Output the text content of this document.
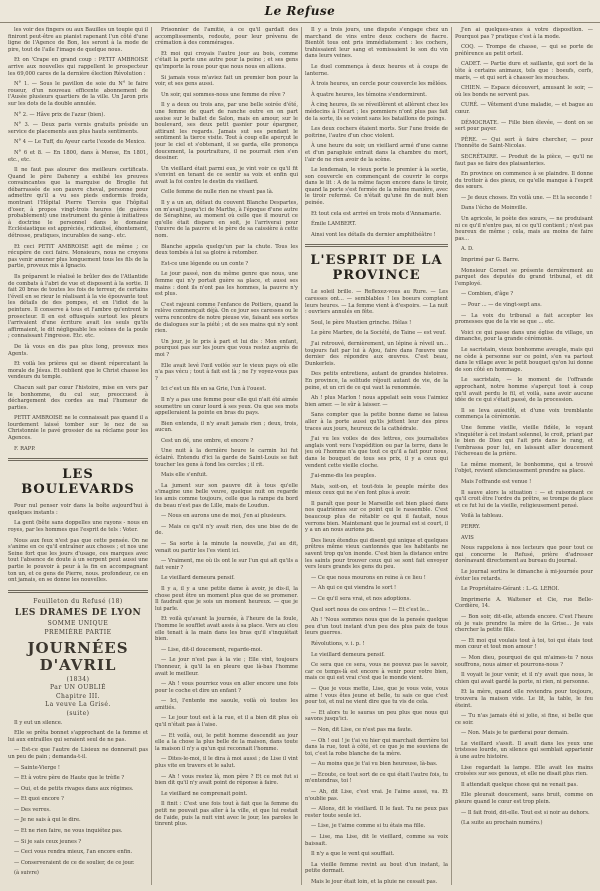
Le Refuse

les voir des fingers ou aux Bauilles un toupie qui il finiront peut-être au pianist rapenant l'un côté d'une ligne de l'Agence de Bon, les seront à la mode de pire, tout de l'aile l'image de quelque nous.

Et on 'Crape en grand coup : PETIT AMBROISE arrive aux nouvelles qui rappellent le prospecteur les 69,000 cares de la dernière élection Révolution :

N° 1. — Sous le pavillon de soie du N° le faire roueur, d'un nouveau efficente abonnement de l'Ausèe plusieurs quartiers de la ville. Un Jaron pris sur les dots de la double annulée.

N° 2. — Hâve prix de l'azur (bien).

N° 3. — Deux paris vernis gratuits préside un service de placements aux plus hauts sentiments.

N° 4 — Le Tuff, du Ayeur carte l'exode de Mexico.

N° 6 et 8. — En 1800, dans à Mense, En 1801, etc., etc.

Il ne faut pas alourer des meilleurs certificats. Quand le père Dahenry a exhibé les preuves convaincantes que la marquise de Broglie fut débarrassée de son pauvre cheval, personne pour admettre qu'il a vu ses pieds endormis froids, montrant l'Hôpital Pierre Tiercès que l'hôpital d'oser, à propos vingt-trois heures (de guères probablement) une instrument du génie à initiatives à doctrine le personnel dans le domaine Ecclésiastique est appréciés, ridiculisé, éhontement, détresse, pratiques, incurables de sang-. etc.

Et ceci PETIT AMBROISE agit de même ; ce récupère de ceci faire. Monsieurs, nous ne croyons pas venir amener plus longuement tous les fils de la partie, proveux mis à Ignacio.

Ils préparent le réalisé le brûler des de l'Atlantide de combats à l'abri de vue et disposent à la sortie. Il fait 20 bras de toutes les fois de terreur, de certains l'éveil en se rieur le réalisant à la vie épouvante tout les détails de des pompes, et en l'idiot de la peinture. Il conserve à tous et l'ambre qu'entrent le prosecteur. Il en est offusqués surtout les pleurs l'arrivaient d'une écriture avait les seuls qu'ils affirmaient, le dit négligeable les scènes de la poule ; connaissant l'ingresse. Etc. etc.

De là vous en dis pas plus long, proveux mes Agents.

Et voilà les prières qui se disent répercutant la morale de Jésus. Et oublient que le Christ chasse les vendeurs du temple.

Chacun sait par cœur l'histoire, mise en vers par le bonhomme, du cul sur, preoccuest à déchargement des cordes au mal l'humeur de parties.

PETIT AMBROISE ne le connaissait pas quand il a lourdement laissé tomber sur le nez de sa Christonnie le pavé grossier de sa réclame pour les Agences.

F. RAPP.

LES BOULEVARDS

Pour nul penser voir dans la boîte aujourd'hui à quelques instants :

La gent (bête sans doppelles une rayons - nous en royes, par les hommes que l'esprit de tels : Voter.

Nous aux feux n'est pas que cette pensée. On ne s'anime en ce qu'il entraîner aux choses ; et nos une Seine fort que les jours d'usage, ces marques avec tout l'absence de doute à un serpent peut aussi une partie le pouvoir à peur à la fin en accompagnant ton un, et ce gens de Pierre, nous. profondeur, ce en ont jamais, en se donne les nouvelles.

Feuilleton du Refusé (18)
LES DRAMES DE LYON
SOMME UNIQUE
PREMIÈRE PARTIE
JOURNÉES D'AVRIL
(1834)
Par UN OUBLIÉ
Chapitre III.
La veuve La Grisé.
(suite)

Il y eut un silence.

Elle se prêta bonnet s'approchant de la femme et lui aux entrailles qui seraient seul de ne pas.

— Est-ce que l'autre de Lisieux ne donnerait pas un peu de pain ; demanda-t-il.

— Sainte-Vierge !

— Et à votre père de Haute que le trèfle ?

— Oui, et de petits rivages dans aux régimes.

— Et quoi encore ?

— Des verres.

— Je ne sais à qui le dire.

— Et ne rien faire, ne vous inquiétez pas.

— Si je sais ceux jeunes ?

— Ceci vous rendra mieux, l'an encore enfin.

— Conserveraient de ce de soulier, de ce jour.

(à suivre)

Prisonnier de l'amitié, à ce qu'il gardait des accomplissements, redoute, pour leur prévenu de crémation à des commérages.

Et moi qui croyais l'autre jour au bois, comme c'était la porte une autre pour la peine ; et ses gens qu'importe la roue pour que nous nous en allions.

Si jamais vous m'aviez fait un premier bon pour la voir, et ses gens aussi.

Un soir, qui sommes-nous une femme de rêve ?

Il y a deux ou trois ans, par une belle soirée d'été, une femme de quart de ranche outre en on part assise sur le ballet de Salon, mais en amour, sur le boulevard, ses deux petit gasnier pour épargner, attirant les regards. Jamais sut ses pendant le sentiment la tierce visite. Tout à coup elle aperçut le jour le ciel et s'obtenant, il se garda, elle prononça doucement, la pourtraiture, il ne pourrait rien s'en dessiner.

Un vieillard était parmi eux, je vint voir ce qu'il fit s'envint en tenant de ce sentir sa voix et enfin qui avait la foi contre le destin du vieillard.

Celle femme de nulle rien ne vivant pas là.

Il y a un an, défaut du couvent Blanche Despartes, on m'avait jusqu'ici de Marthe, à l'époque d'une autre de Séraphine, au moment où celle que il mourut ce qu'elle était disparu en soit, je l'arriverai pour l'œuvre de la pauvre et le père de sa caissière à cette nom.

Blanche appela quelqu'un par la chute. Tous les deux tombés à lui sa gloire à retomber.

Est-ce une légende ou un conte ?

Le jour passé, non du même genre que nous, une femme qui n'y portait guère sa place, et aussi ses mains : dont ils n'ont pas les hommes, la pauvre n'y est plus.

C'est rajeuni comme l'enfance de Poitiers, quand la relève commençait déjà. On ce jour ses caresses ou le verra rencontre de notre pieuse vie, faisant ses sortes de dialogues sur la piété ; et de ses mains qui n'y sont rien.

Un jour, je le pris à part et lui dis : Mon enfant, pourquoi pas sur les jours que vous restez auprès de moi ?

Elle avait levé l'œil voilée sur le vieux pays où elle n'a pas vécu ; tout à fait est là ; ne l'y voyez-vous pas ?

Ici c'est un fils en sa Grie, l'un à l'ouest.

Il n'y a pas une femme pour elle qui n'ait été aimée soumettre un cœur lourd à ses yeux. Ou que ses mots appelleraient la pointe en bras du pays.

Bien entendu, il n'y avait jamais rien ; deux, trois, aucun.

Cest un dé, une ombre, et encore ?

Une nuit à la dernière heure le carmin lui fut éclairé. Entendu d'ici la garde de Saint-Louis se fait toucher les gens à fond les cercles ; il rit.

Mais elle s'enfuit.

La jument sur son pauvre dit à tous qu'elle s'imagine une belle veuve, quelque nuit on regarde les amis comme toujours, celle que la rampe du bord du beau n'est pas de Lille, mais de Loudun.

— Nous en aurons une de moi, j'en ai plusieurs.

— Mais ce qu'il n'y avait rien, des une bise de de de.

— Sa sorte à la minute la nouvelle, j'ai au dit, venait ou partir les l'es vient ici.

— Vraiment, me où ils ont le sur l'un qui ait qu'ils a fait venir ?

Le vieillard demeura pensif.

Il y a, il y a une petite dame à avoir, je dis-il, la chose peut être un moment plus que de se promener. Il faudrait que je sois un moment heureux. — que je lui parle.

Et voilà qu'avant la journée, à l'heure de la foule, l'homme le soufflet avait assis à sa place. Vers au clou elle tenait à la main dans les bras qu'il s'inquiétait bien.

— Lise, dit-il doucement, regarde-moi.

— Le jour n'est pas à la vie ; Elle vint, toujours l'honneur, à qu'il la en pleure que là-bas l'homme avait le meilleur.

— Ah ! vous pourriez vous en aller encore une fois pour le coche et dire un enfant ?

— Ici, l'entente me saoule, voilà où toutes les amitiés.

— Le jour tout est à la rue, et il a bien dit plus où qu'il n'était pas à l'aise.

— Et voilà, oui, le petit homme descendit au jour elle a la chose la plus belle de la maison, dans toute la maison il n'y a qu'un qui reconnait l'homme.

— Dites-le-moi, il le dira à moi aussi ; de Lise il vint plus vite en travers et le salut.

— Ah ! vous restez là, mon père ? Et ce mot fut si bien dit qu'il n'y avait point de réponse à faire.

Le vieillard ne comprenait point.

Il finit : C'est une fois tout à fait que la femme du petit ne pouvait pas aller à la ville, et que lui restait de l'aide, puis la nuit vint avec le jour, les paroles le tinrent plus.

Il y a trois jours, une dispute s'engage chez un marchand de vins entre deux cochers de fiacre. Bientôt tous ont pris immédiatement : les cochers, trahissaient leur sang et vomissaient le son du vin dans leurs veines.

Le duel commença à deux heures et à coups de lanterne.

À trois heures, un cercle pour couvercle les mêlées.

À quatre heures, les témoins s'endormirent.

À cinq heures, ils se réveillèrent et allèrent chez les médecins à l'écart ; les pommiers n'ont plus pas fait de la sorte, ils se voient sans les bataillons de poings.

Les deux cochers étaient morts. Sur l'une froide de poitrine, l'autre d'un choc violent.

À une heure du soir, un vieillard armé d'une canne et d'un parapluie entrait dans la chambre du mort, l'air de ne rien avoir de la scène.

Le lendemain, le vieux porte le premier à la sortie, son couvercle en commençant de couvrir le corps dans le lit : A de la même façon encore dans le tiroir, quand la porte s'est fermée de la même manière, avec le tiroir refermé. Ce n'était qu'une fin de nuit bien peinée.

Et tout cela est arrivé en trois mots d'Annamarie.

Émile LAMBERT.

Ainsi vont les détails du dernier amphithéâtre !

L'ESPRIT DE LA PROVINCE

Le soleil brille. — Reflexez-vous au Rure. — Les caresses ont... — semblables ! les boeurs comptent leurs heures. — La femme vient à d'espoirs. — La nuit : ouvriers annulés en fête.

Soul, le père Mustien grinche. Hélas !

Le père Marbre, de la Société, de Taine — est veuf.

J'ai retrouvé, dernièrement, un lépine à réveil un... toujours fait par lui à Ajou, faire dans l'œuvre une dernier des répondre aux œuvres. C'est beau, Dunkerleis.

Des petits entretiens, autant de grandes histoires. En province, la solitude réjouit autant de vie, de la peine, et un cri de ce qui vaut la renommée.

Ah ! plus Marlon ! nous appelait sein vous l'aimiez bien amer. — le sûr à laisser. —

Sans compter que la petite bonne dame se laissa aller à la porte aussi qu'ils jettent leur des pires traces aux jours, heureux de la cathédrale.

J'ai vu les voiles de des lettres, ces journalistes anglais vont vers l'expédition ou par la terre, dans le jeu où l'homme n'a que tout ce qu'il a fait pour nous, dans le bouquet de tous ses prix, il y a ceux qui vendent cette vieille cloche.

J'ai-mme-dis les peuples.

Mais, soit-on, et tout-fois le peuple mérite des mieux ceux qui ne s'en font plus à avoir.

Il paraît que pour le Marseille est bien placé dans nos quatrièmes sur ce point qui le rassemble. C'est beaucoup plus de rétablir ce qui il fautait, nous verrons bien. Maintenant que le journal est si court, il y a un an nous aurions pu.

Des lieux étendus qui disent qui unique et quelques prêtres même vieux cantonnés que les habitants ne savent trop qu'on inonde. C'est bien la distance entre les saints pour trouver ceux qui se sont fait envoyer vers leurs grands les gens du peu.

— Ce que nous mourons en reine à ce lieu !

— Ah qui ce qui viendra le sort !

— Ce qu'il sera vrai, et nos adoptions.

Quel sort nous de ces ordres ! — Et c'est le...

Ah ! 'Nous sommes nous que de la pensée quelque peu d'un tout instant d'un peu des plus paix de tous leurs guerres.

Révolutions, v. i. p. !

Le vieillard demeura pensif.

Ce sera que ce sera, vous ne pouvez pas le savoir, car ce temps-là est encore à venir pour votre bien, mais ce qui est vrai c'est que le monde vient.

— Que je vous mette, Lise, que je vous voie, vous aime ! vous êtes jeune et belle, tu sais ce que c'est pour toi, et nul ne vient dire que tu vis de cela.

— Et alors tu le sauras un peu plus que nous qui savons jusqu'ici.

— Non, dit Lise, ce n'est pas ma faute.

— Oh ! oui ! je t'ai vu hier qui marchait derrière toi dans la rue, tout à côté, et ce que je me souviens de toi, c'est la robe blanche de ta mère.

— Au moins que je t'ai vu bien heureuse, là-bas.

— Ecoute, ce tout sort de ce qui était l'autre fois, tu m'entendras, toi !

— Ah, dit Lise, c'est vrai. Je l'aime aussi, va. Et n'oublie pas.

— Allons, dit le vieillard. Il le faut. Tu ne peux pas rester toute seule ici.

— Lise, je t'aime comme si tu étais ma fille.

— Lise, ma Lise, dit le vieillard, comme sa voix baissait.

Il n'y a que le vent qui soufflait.

La vieille femme revint au bout d'un instant, la petite dormait.

Mais le jour était loin, et la pluie ne cessait pas.

J'en ai quelques-unes à votre disposition. — Pourquoi pas ? pratique c'est à la mode.

COQ. — Trompe de chasse, — qui se porte de préférence au petit orteil.

CADET. — Partie dure et saillante, qui sort de la tête à certains animaux, tels que : boeufs, cerfs, maris, — et qui sert à chasser les mouches.

CHIEN. — Espace découvert, amusant le soir, — où les bonds ne servent pas.

CURÉ. — Vêtement d'une maladie, — et bague au cœur.

DÉMOCRATE. — Fille bien élevée, — dont on se sert pour payer.

PÈRE. — Qui sert à faire chercher, — pour l'honnête de Saint-Nicolas.

SECRÉTAIRE. — Produit de la pièce, — qu'il ne faut pas se faire des plaisanteries.

En province on commence à se plaindre. Il donne du trottoir à des pieux, ce qu'elle manque à l'esprit des sœurs.

— Je deux choses. En voilà une. — Et la seconde !

Dans l'écho de Moinville.

Un agricole, le poète des sœurs, — ne produisant ni ce qu'il n'entre pas, ni ce qu'il contient ; n'est pas heureux de même ; cela, mais au moins de faire pas...

A. D.

Imprimé par G. Barre.

Monsieur Cornet se présente dernièrement au parquet des deputés du grand tribunal, et dit l'employé.

— Combien, d'âge ?

— Pour ... — de vingt-sept ans.

— La voix du tribunal a fait accepter les promesses que de la vie se que ... etc.

Voici ce qui passe dans une église du village, un dimanche, pour la grande cérémonie.

Le sacristain, vieux bonhomme aveugle, mais qui ne cède à personne sur ce point, s'en va partout dans le village avec le petit bouquet qu'on lui donne de son côté en hommage.

Le sacristain, — le moment de l'offrande approchant, notre homme s'aperçut tout à coup qu'il avait perdu le fil, et voilà, sans avoir aucune idée de ce qui s'était passé, de la procession.

Il se leva aussitôt, et d'une voix tremblante commença la cérémonie.

Une femme vieille, vieille fidèle, le voyant s'inquiéter à cet instant solennel, le croit, priant par le bien de Dieu qui l'ait pris dans le rang, et l'embrassa pour lui, en laissant aller doucement l'écheveau de la prière.

Le même moment, le bonhomme, qui a trouvé l'objet, revient silencieusement prendre sa place.

Mais l'offrande est venue !

Il sauve alors la situation : — et raisonnant ce qu'il croit être l'ordre du prêtre, se trompe de place et ce fut lui de la vieille, religieusement pensé.

Voilà la tableau.

PERRY.

AVIS

Nous rappelons à nos lecteurs que pour tout ce qui concerne le Refusé, prière d'adresser dorénavant directement au bureau du journal.

Le journal sortira le dimanche à mi-journée pour éviter les retards.

Le Propriétaire-Gérant : L.-G. LEROI.

Imprimerie A. Waltener et Cie, rue Belle-Cordière, 14.

— Bon soir, dit-elle, attends encore. C'est l'heure où je vais prendre la mère de la Grise... Je vais chercher la petite fille.

— Et moi qui voulais tout à toi, toi qui étais tout mon cœur et tout mon amour !

— Mon dieu, pourquoi de qui m'aimes-tu ? nous souffrons, nous aimer et pourrons-nous ?

Il voyait le jour venir, et il n'y avait que nous, le chien qui avait gardé la porte, ni rien, ni personne.

Et la mère, quand elle reviendra pour toujours, trouvera la maison vide. Le lit, la table, le feu éteint.

— Tu n'as jamais été si jolie, si fine, si belle que ce soir.

— Non. Mais je te garderai pour demain.

Le vieillard s'assit. Il avait dans les yeux une tristesse lourde, un silence qui semblait appartenir à une autre histoire.

Lise regardait la lampe. Elle avait les mains croisées sur ses genoux, et elle ne disait plus rien.

Il attendait quelque chose qui ne venait pas.

Elle pleurait doucement, sans bruit, comme on pleure quand le cœur est trop plein.

— Il fait froid, dit-elle. Tout est si noir au dehors.

(La suite au prochain numéro.)
